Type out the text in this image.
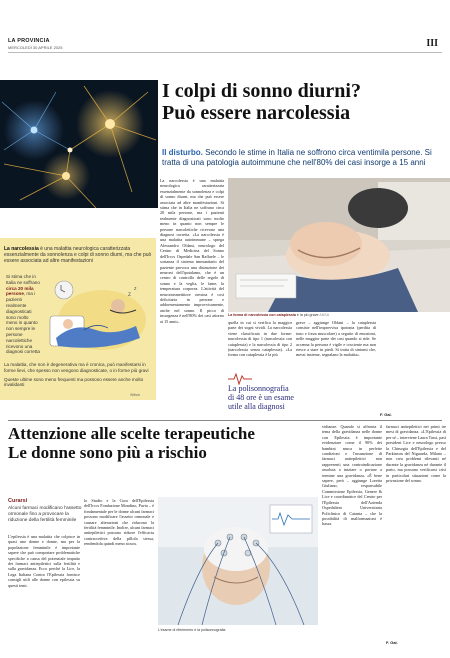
LA PROVINCIA
MERCOLEDÌ 30 APRILE 2025	III
I colpi di sonno diurni?
Può essere narcolessia
Il disturbo. Secondo le stime in Italia ne soffrono circa ventimila persone. Si tratta di una patologia autoimmune che nell'80% dei casi insorge a 15 anni
La narcolessia è una malattia neurologica caratterizzata essenzialmente da sonnolenza e colpi di sonno diurni, ma che può essere associata ad altre manifestazioni. Si stima che in Italia ne soffrano circa 20 mila persone, ma i pazienti realmente diagnosticati sono molto meno in quanto non sempre le persone narcolettiche ricevono una diagnosi corretta. «La narcolessia è una malattia autoimmune – spiega Alessandro Oldani, neurologo del Centro di Medicina del Sonno dell'Irccs Ospedale San Raffaele – le sostanza il sistema immunitario del paziente provoca una distruzione dei neuroni dell'ipotalamo, che è un centro di controllo delle regole di sonno e la veglia, le fame, la temperatura corporea. L'attività del neurotrasmettitore orexina è così deficitaria in persone e addormentamento improvvisamente, anche nel sonno. Il picco di insorgenza è nell'80% dei casi attorno ai 15 anni».	quella in cui si verifica la maggior parte dei sogni vividi. La narcolessia viene classificata in due forme: narcolessia di tipo 1 (narcolessia con cataplessia) e la narcolessia di tipo 2 (narcolessia senza cataplessia). «La forma con cataplessia è la più
grave – aggiunge Oldani – la cataplessia consiste nell'improvvisa ipotonia (perdita di tono e forza muscolare) a seguito di emozioni, nelle maggior parte dei casi quando si ride. Se accenna la persona è vigile e cosciente ma non riesce a stare in piedi. Si tratta di sintomi che, messi insieme, segnalano la malattia».
F. Gal.
La narcolessia è una malattia neurologica caratterizzata essenzialmente da sonnolenza e colpi di sonno diurni, ma che può essere associata ad altre manifestazioni
Si stima che in Italia ne soffrano circa 20 mila persone, ma i pazienti realmente diagnosticati sono molto meno in quanto non sempre le persone narcolettiche ricevono una diagnosi corretta
z
z

La malattia, che non è degenerativa ma è cronica, può manifestarsi in forme lievi, che spesso non vengono diagnosticate, o in forme più gravi

Queste ultime sono meno frequenti ma possono essere anche molto invalidanti

Withub
La forma di narcolessia con cataplessia è la più grave ANSA
La polisonnografia
di 48 ore è un esame utile alla diagnosi
Attenzione alle scelte terapeutiche
Le donne sono più a rischio
Curarsi
Alcuni farmaci modificano l'assetto ormonale fino a provocare la riduzione della fertilità femminile
L'epilessia è una malattia che colpisce in quasi uno donne e donne, ma per la popolazione femminile è importante sapere che può comportare problematiche specifiche a causa del potenziale impatto dei farmaci antiepilettici sulla fertilità e sulla gravidanza. Ecco perché la Lice, la Lega Italiana Contro l'Epilessia fornisce consigli utili alle donne con epilessia su questi temi.
lo Studio e la Cura dell'Epilessia dell'Irccs Fondazione Mondino, Pavia – è fondamentale per le donne alcuni farmaci possono modificare l'assetto ormonale e causare alterazioni che riducono la fertilità femminile. Inoltre, alcuni farmaci antiepilettici possono ridurre l'efficacia contraccettiva della pillola stessa, rendendola quindi meno sicura.
L'esame di riferimento è la polisonnografia
vidianze. Quando si affronta il tema della gravidanza nelle donne con Epilessia è importante evidenziare come il 90% dei bambini nasca in perfette condizioni e l'assunzione di farmaci antiepilettici non rappresenti una controindicazione assoluta a iniziare o portare a termine una gravidanza. «È bene sapere, però – aggiunge Loretta Giuliano, responsabile Commissione Epilessia, Genere & Lice e coordinatrice del Centro per l'Epilessia dell'Azienda Ospedaliero Universitaria Policlinico di Catania – che la possibilità di malformazioni è bassa.
farmaci antiepilettici nei primi tre mesi di gravidanza. «L'Epilessia di per sé – interviene Laura Tassi, past president Lice e neurologo presso la Chirurgia dell'Epilessia e del Parkinson del Niguarda, Milano – non crea problemi rilevanti né durante la gravidanza né durante il parto, ma possono verificarsi crisi in particolari situazioni come la privazione del sonno.
F. Gal.
